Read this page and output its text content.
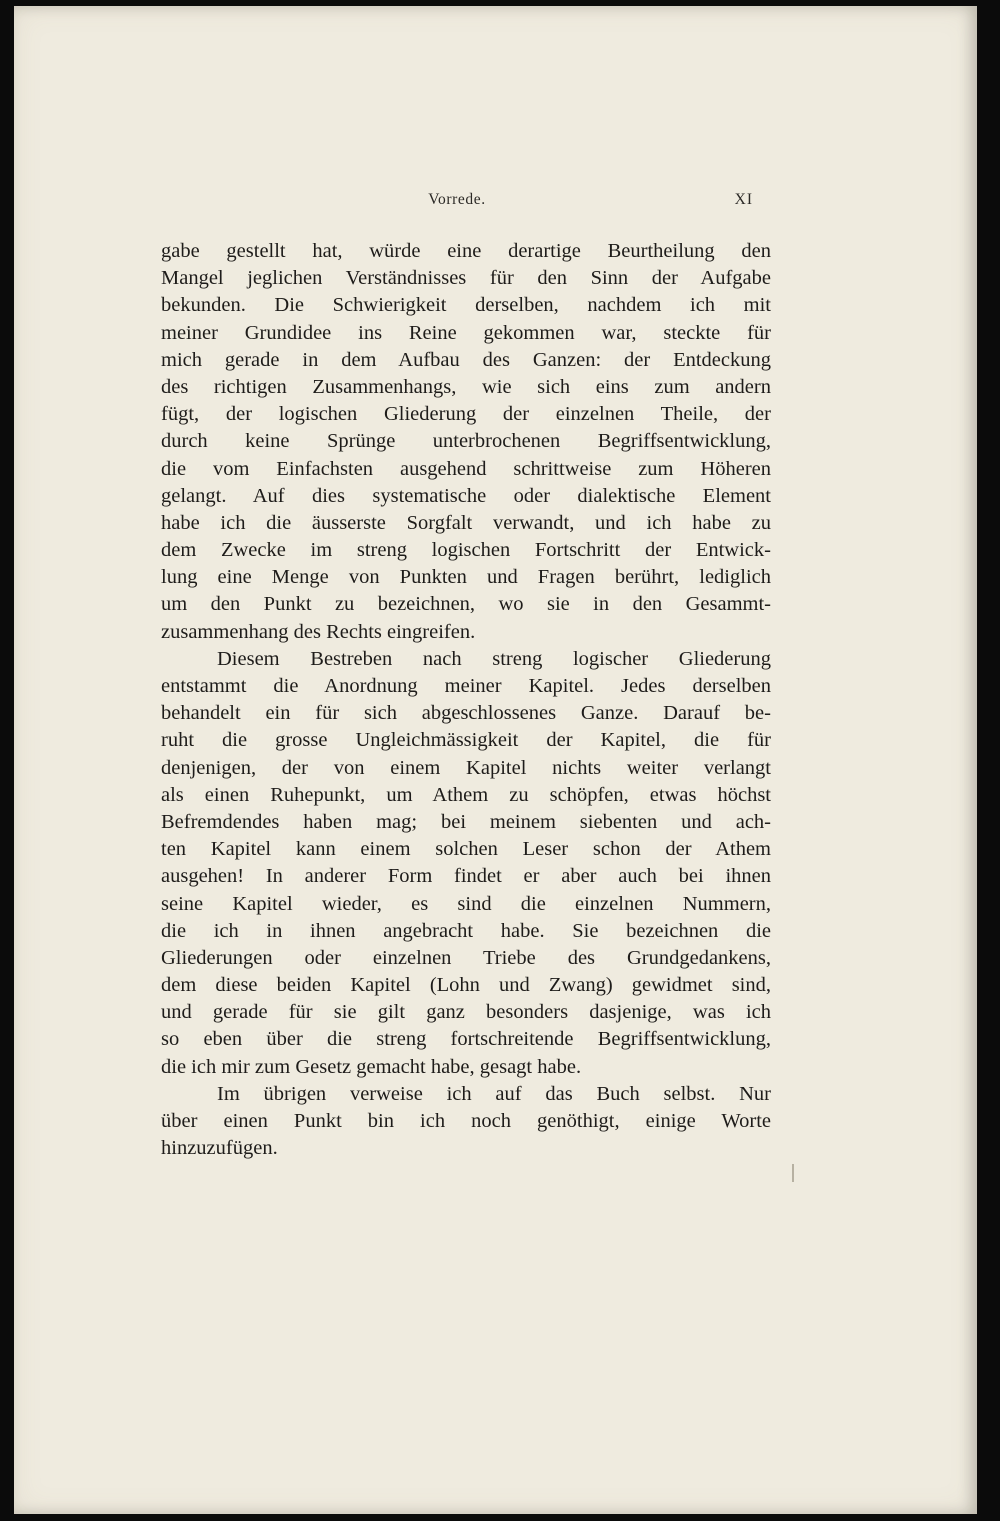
Vorrede.	XI
gabe gestellt hat, würde eine derartige Beurtheilung den
Mangel jeglichen Verständnisses für den Sinn der Aufgabe
bekunden. Die Schwierigkeit derselben, nachdem ich mit
meiner Grundidee ins Reine gekommen war, steckte für
mich gerade in dem Aufbau des Ganzen: der Entdeckung
des richtigen Zusammenhangs, wie sich eins zum andern
fügt, der logischen Gliederung der einzelnen Theile, der
durch keine Sprünge unterbrochenen Begriffsentwicklung,
die vom Einfachsten ausgehend schrittweise zum Höheren
gelangt. Auf dies systematische oder dialektische Element
habe ich die äusserste Sorgfalt verwandt, und ich habe zu
dem Zwecke im streng logischen Fortschritt der Entwick-
lung eine Menge von Punkten und Fragen berührt, lediglich
um den Punkt zu bezeichnen, wo sie in den Gesammt-
zusammenhang des Rechts eingreifen.
Diesem Bestreben nach streng logischer Gliederung
entstammt die Anordnung meiner Kapitel. Jedes derselben
behandelt ein für sich abgeschlossenes Ganze. Darauf be-
ruht die grosse Ungleichmässigkeit der Kapitel, die für
denjenigen, der von einem Kapitel nichts weiter verlangt
als einen Ruhepunkt, um Athem zu schöpfen, etwas höchst
Befremdendes haben mag; bei meinem siebenten und ach-
ten Kapitel kann einem solchen Leser schon der Athem
ausgehen! In anderer Form findet er aber auch bei ihnen
seine Kapitel wieder, es sind die einzelnen Nummern,
die ich in ihnen angebracht habe. Sie bezeichnen die
Gliederungen oder einzelnen Triebe des Grundgedankens,
dem diese beiden Kapitel (Lohn und Zwang) gewidmet sind,
und gerade für sie gilt ganz besonders dasjenige, was ich
so eben über die streng fortschreitende Begriffsentwicklung,
die ich mir zum Gesetz gemacht habe, gesagt habe.
Im übrigen verweise ich auf das Buch selbst. Nur
über einen Punkt bin ich noch genöthigt, einige Worte
hinzuzufügen.
